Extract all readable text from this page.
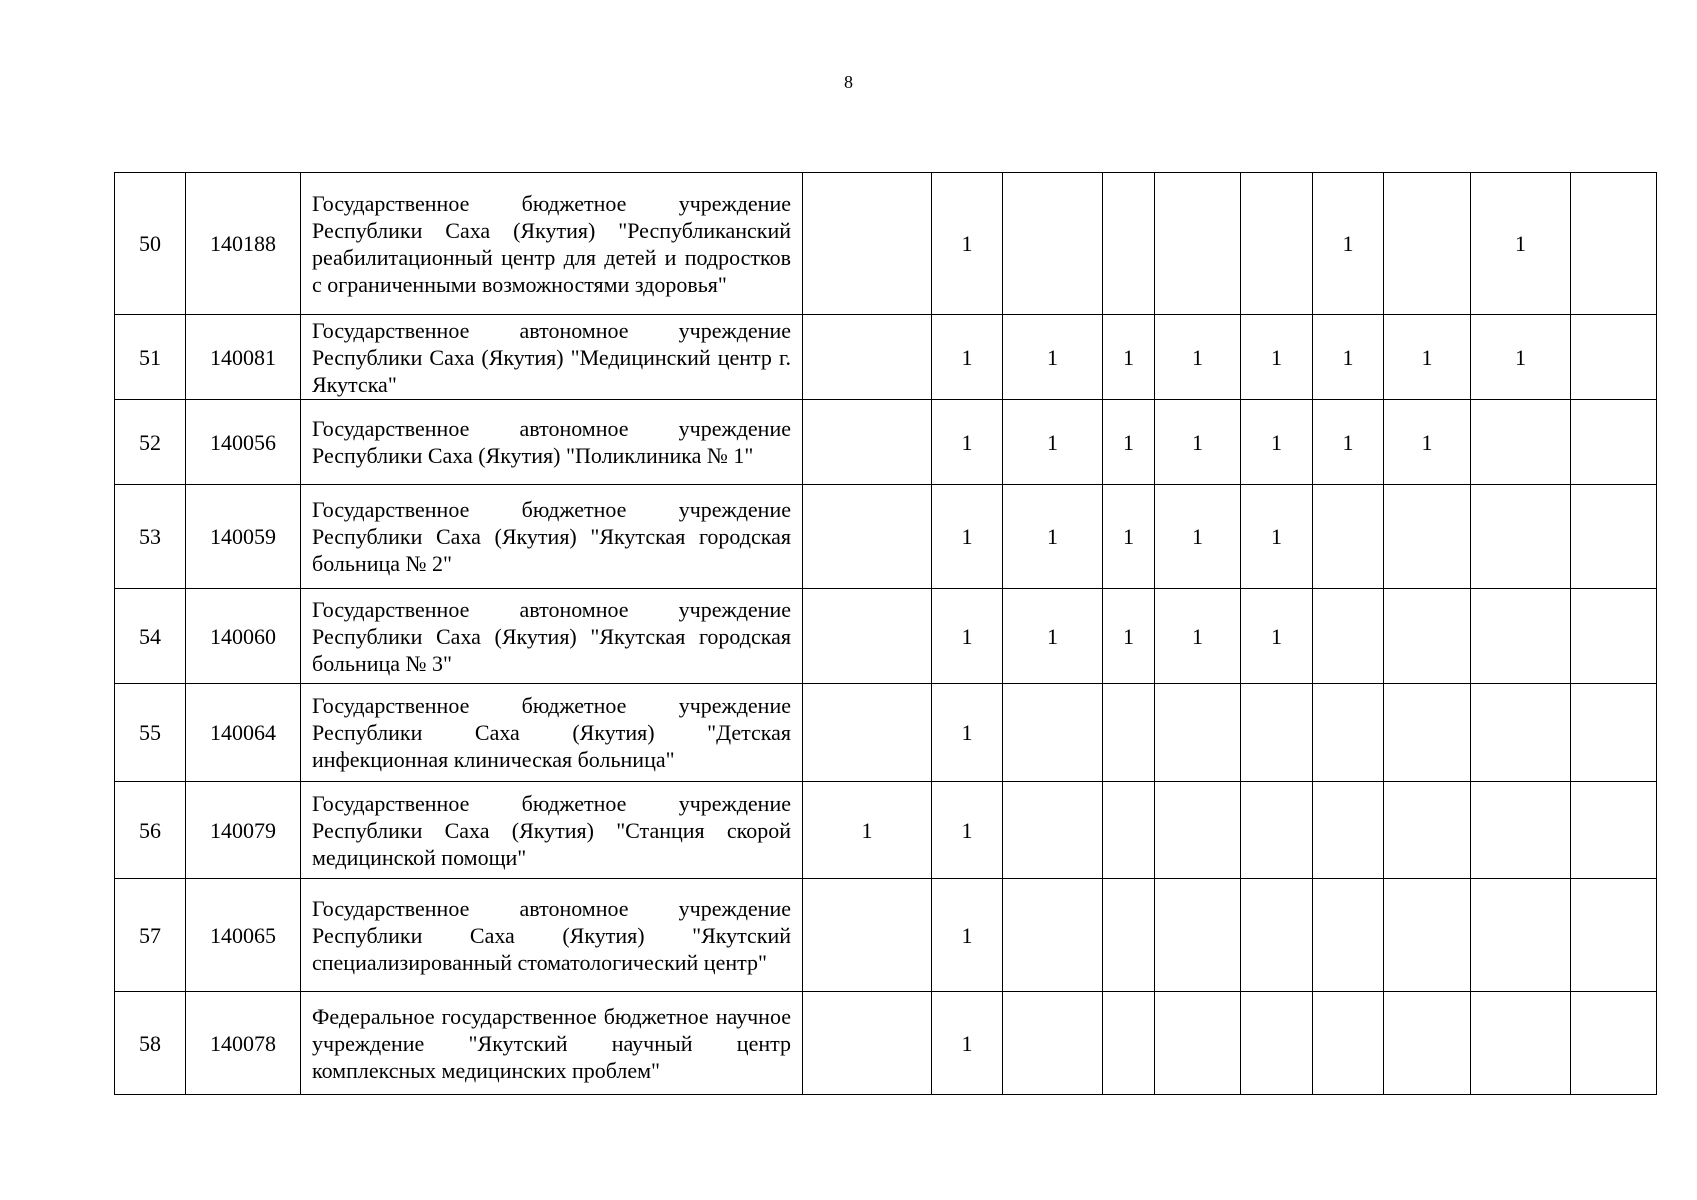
8
50	140188	Государственное бюджетное учреждение Республики Саха (Якутия) "Республиканский реабилитационный центр для детей и подростков с ограниченными возможностями здоровья"		1					1		1	
51	140081	Государственное автономное учреждение Республики Саха (Якутия) "Медицинский центр г. Якутска"		1	1	1	1	1	1	1	1	
52	140056	Государственное автономное учреждение Республики Саха (Якутия) "Поликлиника № 1"		1	1	1	1	1	1	1		
53	140059	Государственное бюджетное учреждение Республики Саха (Якутия) "Якутская городская больница № 2"		1	1	1	1	1				
54	140060	Государственное автономное учреждение Республики Саха (Якутия) "Якутская городская больница № 3"		1	1	1	1	1				
55	140064	Государственное бюджетное учреждение Республики Саха (Якутия) "Детская инфекционная клиническая больница"		1								
56	140079	Государственное бюджетное учреждение Республики Саха (Якутия) "Станция скорой медицинской помощи"	1	1								
57	140065	Государственное автономное учреждение Республики Саха (Якутия) "Якутский специализированный стоматологический центр"		1								
58	140078	Федеральное государственное бюджетное научное учреждение "Якутский научный центр комплексных медицинских проблем"		1								
